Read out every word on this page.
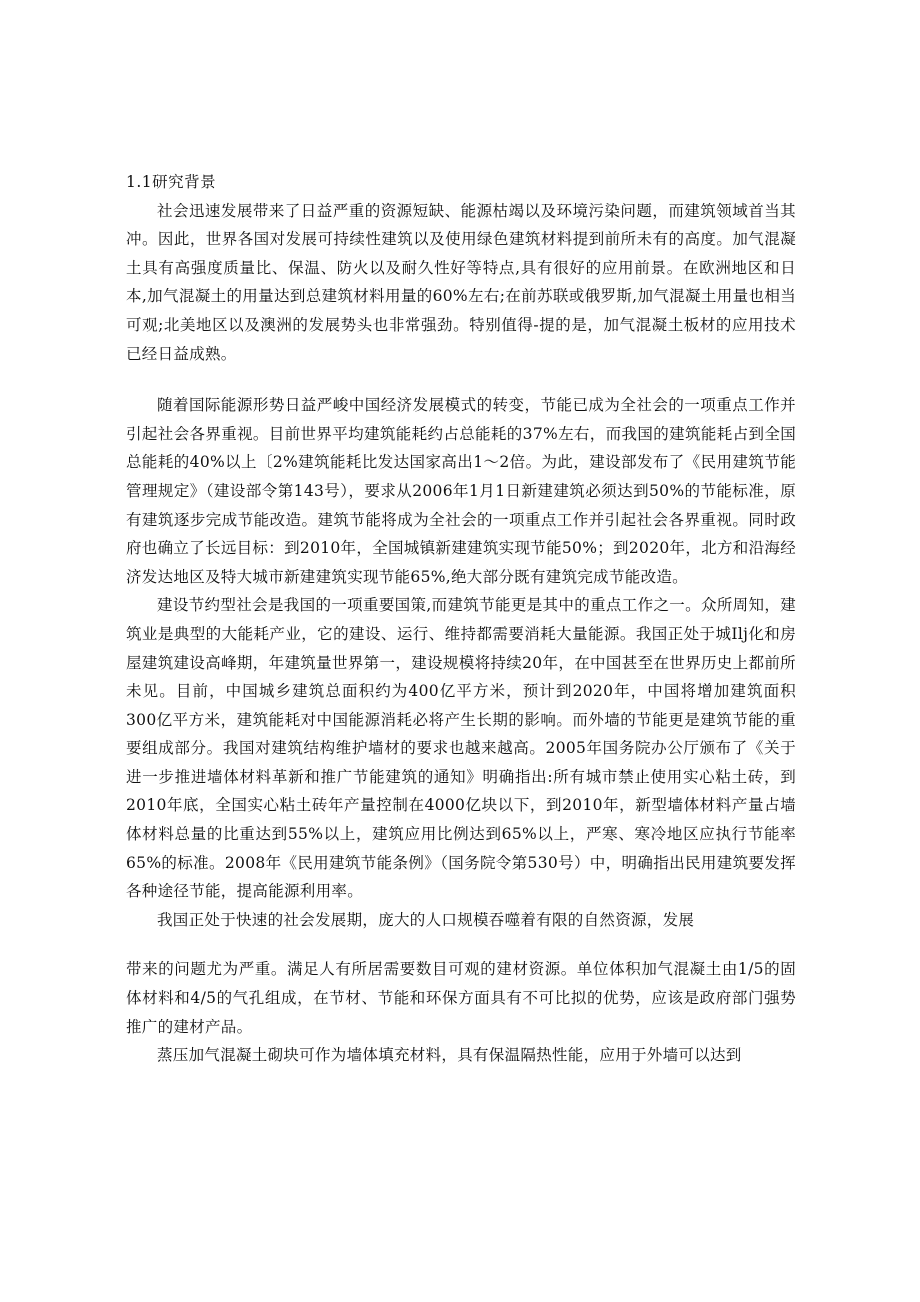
1.1研究背景

社会迅速发展带来了日益严重的资源短缺、能源枯竭以及环境污染问题，而建筑领域首当其冲。因此，世界各国对发展可持续性建筑以及使用绿色建筑材料提到前所未有的高度。加气混凝土具有高强度质量比、保温、防火以及耐久性好等特点,具有很好的应用前景。在欧洲地区和日本,加气混凝土的用量达到总建筑材料用量的60%左右;在前苏联或俄罗斯,加气混凝土用量也相当可观;北美地区以及澳洲的发展势头也非常强劲。特别值得-提的是，加气混凝土板材的应用技术已经日益成熟。

随着国际能源形势日益严峻中国经济发展模式的转变，节能已成为全社会的一项重点工作并引起社会各界重视。目前世界平均建筑能耗约占总能耗的37%左右，而我国的建筑能耗占到全国总能耗的40%以上〔2%建筑能耗比发达国家高出1～2倍。为此，建设部发布了《民用建筑节能管理规定》（建设部令第143号），要求从2006年1月1日新建建筑必须达到50%的节能标准，原有建筑逐步完成节能改造。建筑节能将成为全社会的一项重点工作并引起社会各界重视。同时政府也确立了长远目标：到2010年，全国城镇新建建筑实现节能50%；到2020年，北方和沿海经济发达地区及特大城市新建建筑实现节能65%,绝大部分既有建筑完成节能改造。

建设节约型社会是我国的一项重要国策,而建筑节能更是其中的重点工作之一。众所周知，建筑业是典型的大能耗产业，它的建设、运行、维持都需要消耗大量能源。我国正处于城Ilj化和房屋建筑建设高峰期，年建筑量世界第一，建设规模将持续20年，在中国甚至在世界历史上都前所未见。目前，中国城乡建筑总面积约为400亿平方米，预计到2020年，中国将增加建筑面积300亿平方米，建筑能耗对中国能源消耗必将产生长期的影响。而外墙的节能更是建筑节能的重要组成部分。我国对建筑结构维护墙材的要求也越来越高。2005年国务院办公厅颁布了《关于进一步推进墙体材料革新和推广节能建筑的通知》明确指出:所有城市禁止使用实心粘土砖，到2010年底，全国实心粘土砖年产量控制在4000亿块以下，到2010年，新型墙体材料产量占墙体材料总量的比重达到55%以上，建筑应用比例达到65%以上，严寒、寒冷地区应执行节能率65%的标准。2008年《民用建筑节能条例》（国务院令第530号）中，明确指出民用建筑要发挥各种途径节能，提高能源利用率。

我国正处于快速的社会发展期，庞大的人口规模吞噬着有限的自然资源，发展

带来的问题尤为严重。满足人有所居需要数目可观的建材资源。单位体积加气混凝土由1/5的固体材料和4/5的气孔组成，在节材、节能和环保方面具有不可比拟的优势，应该是政府部门强势推广的建材产品。

蒸压加气混凝土砌块可作为墙体填充材料，具有保温隔热性能，应用于外墙可以达到
